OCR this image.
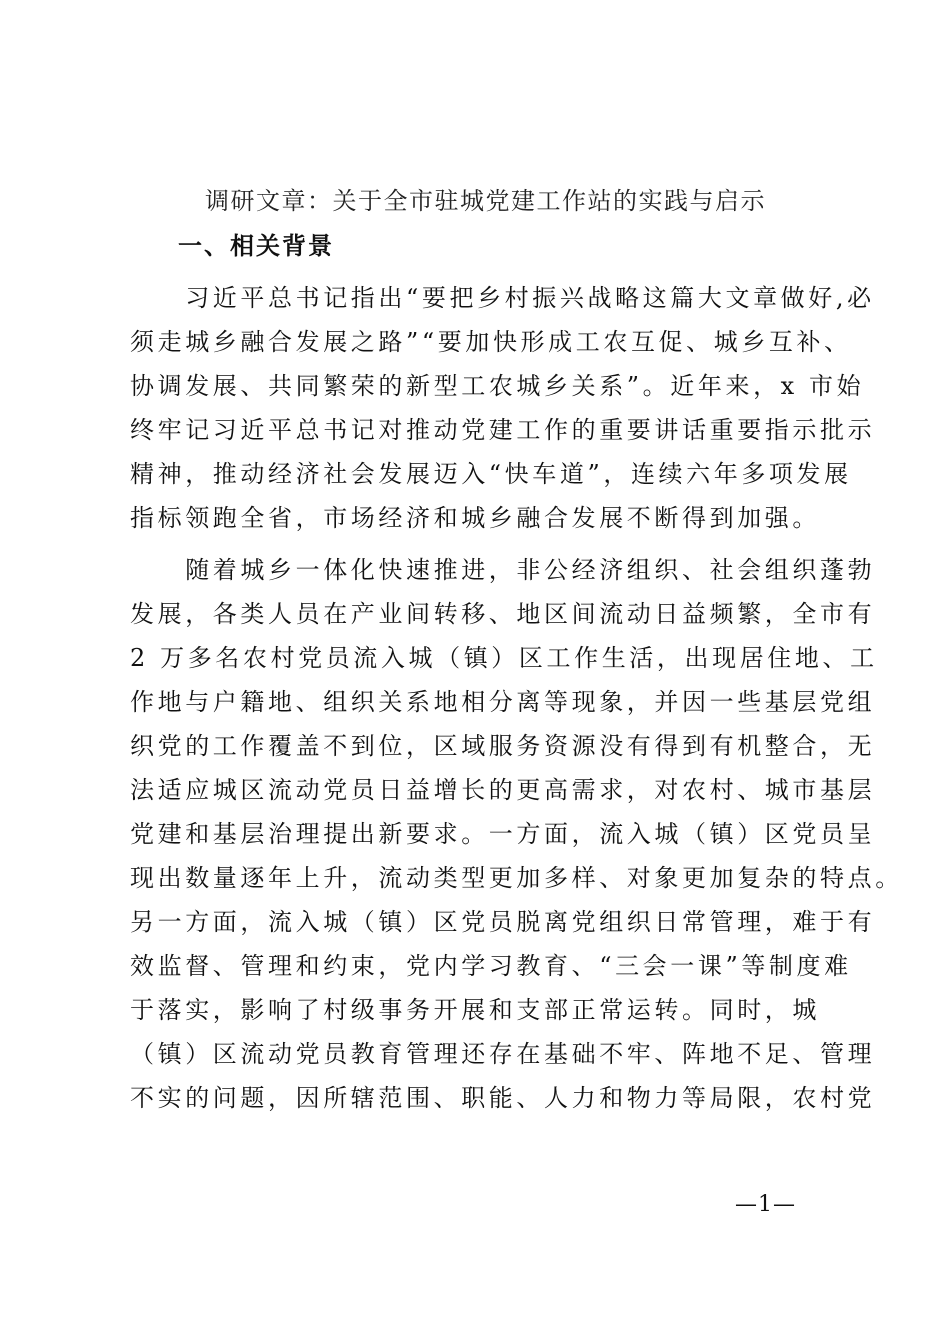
调研文章：关于全市驻城党建工作站的实践与启示
一、相关背景
　　习近平总书记指出“要把乡村振兴战略这篇大文章做好,必
须走城乡融合发展之路”“要加快形成工农互促、城乡互补、
协调发展、共同繁荣的新型工农城乡关系”。近年来，x 市始
终牢记习近平总书记对推动党建工作的重要讲话重要指示批示
精神，推动经济社会发展迈入“快车道”，连续六年多项发展
指标领跑全省，市场经济和城乡融合发展不断得到加强。
　　随着城乡一体化快速推进，非公经济组织、社会组织蓬勃
发展，各类人员在产业间转移、地区间流动日益频繁，全市有
2 万多名农村党员流入城（镇）区工作生活，出现居住地、工
作地与户籍地、组织关系地相分离等现象，并因一些基层党组
织党的工作覆盖不到位，区域服务资源没有得到有机整合，无
法适应城区流动党员日益增长的更高需求，对农村、城市基层
党建和基层治理提出新要求。一方面，流入城（镇）区党员呈
现出数量逐年上升，流动类型更加多样、对象更加复杂的特点。
另一方面，流入城（镇）区党员脱离党组织日常管理，难于有
效监督、管理和约束，党内学习教育、“三会一课”等制度难
于落实，影响了村级事务开展和支部正常运转。同时，城
（镇）区流动党员教育管理还存在基础不牢、阵地不足、管理
不实的问题，因所辖范围、职能、人力和物力等局限，农村党
—1—
